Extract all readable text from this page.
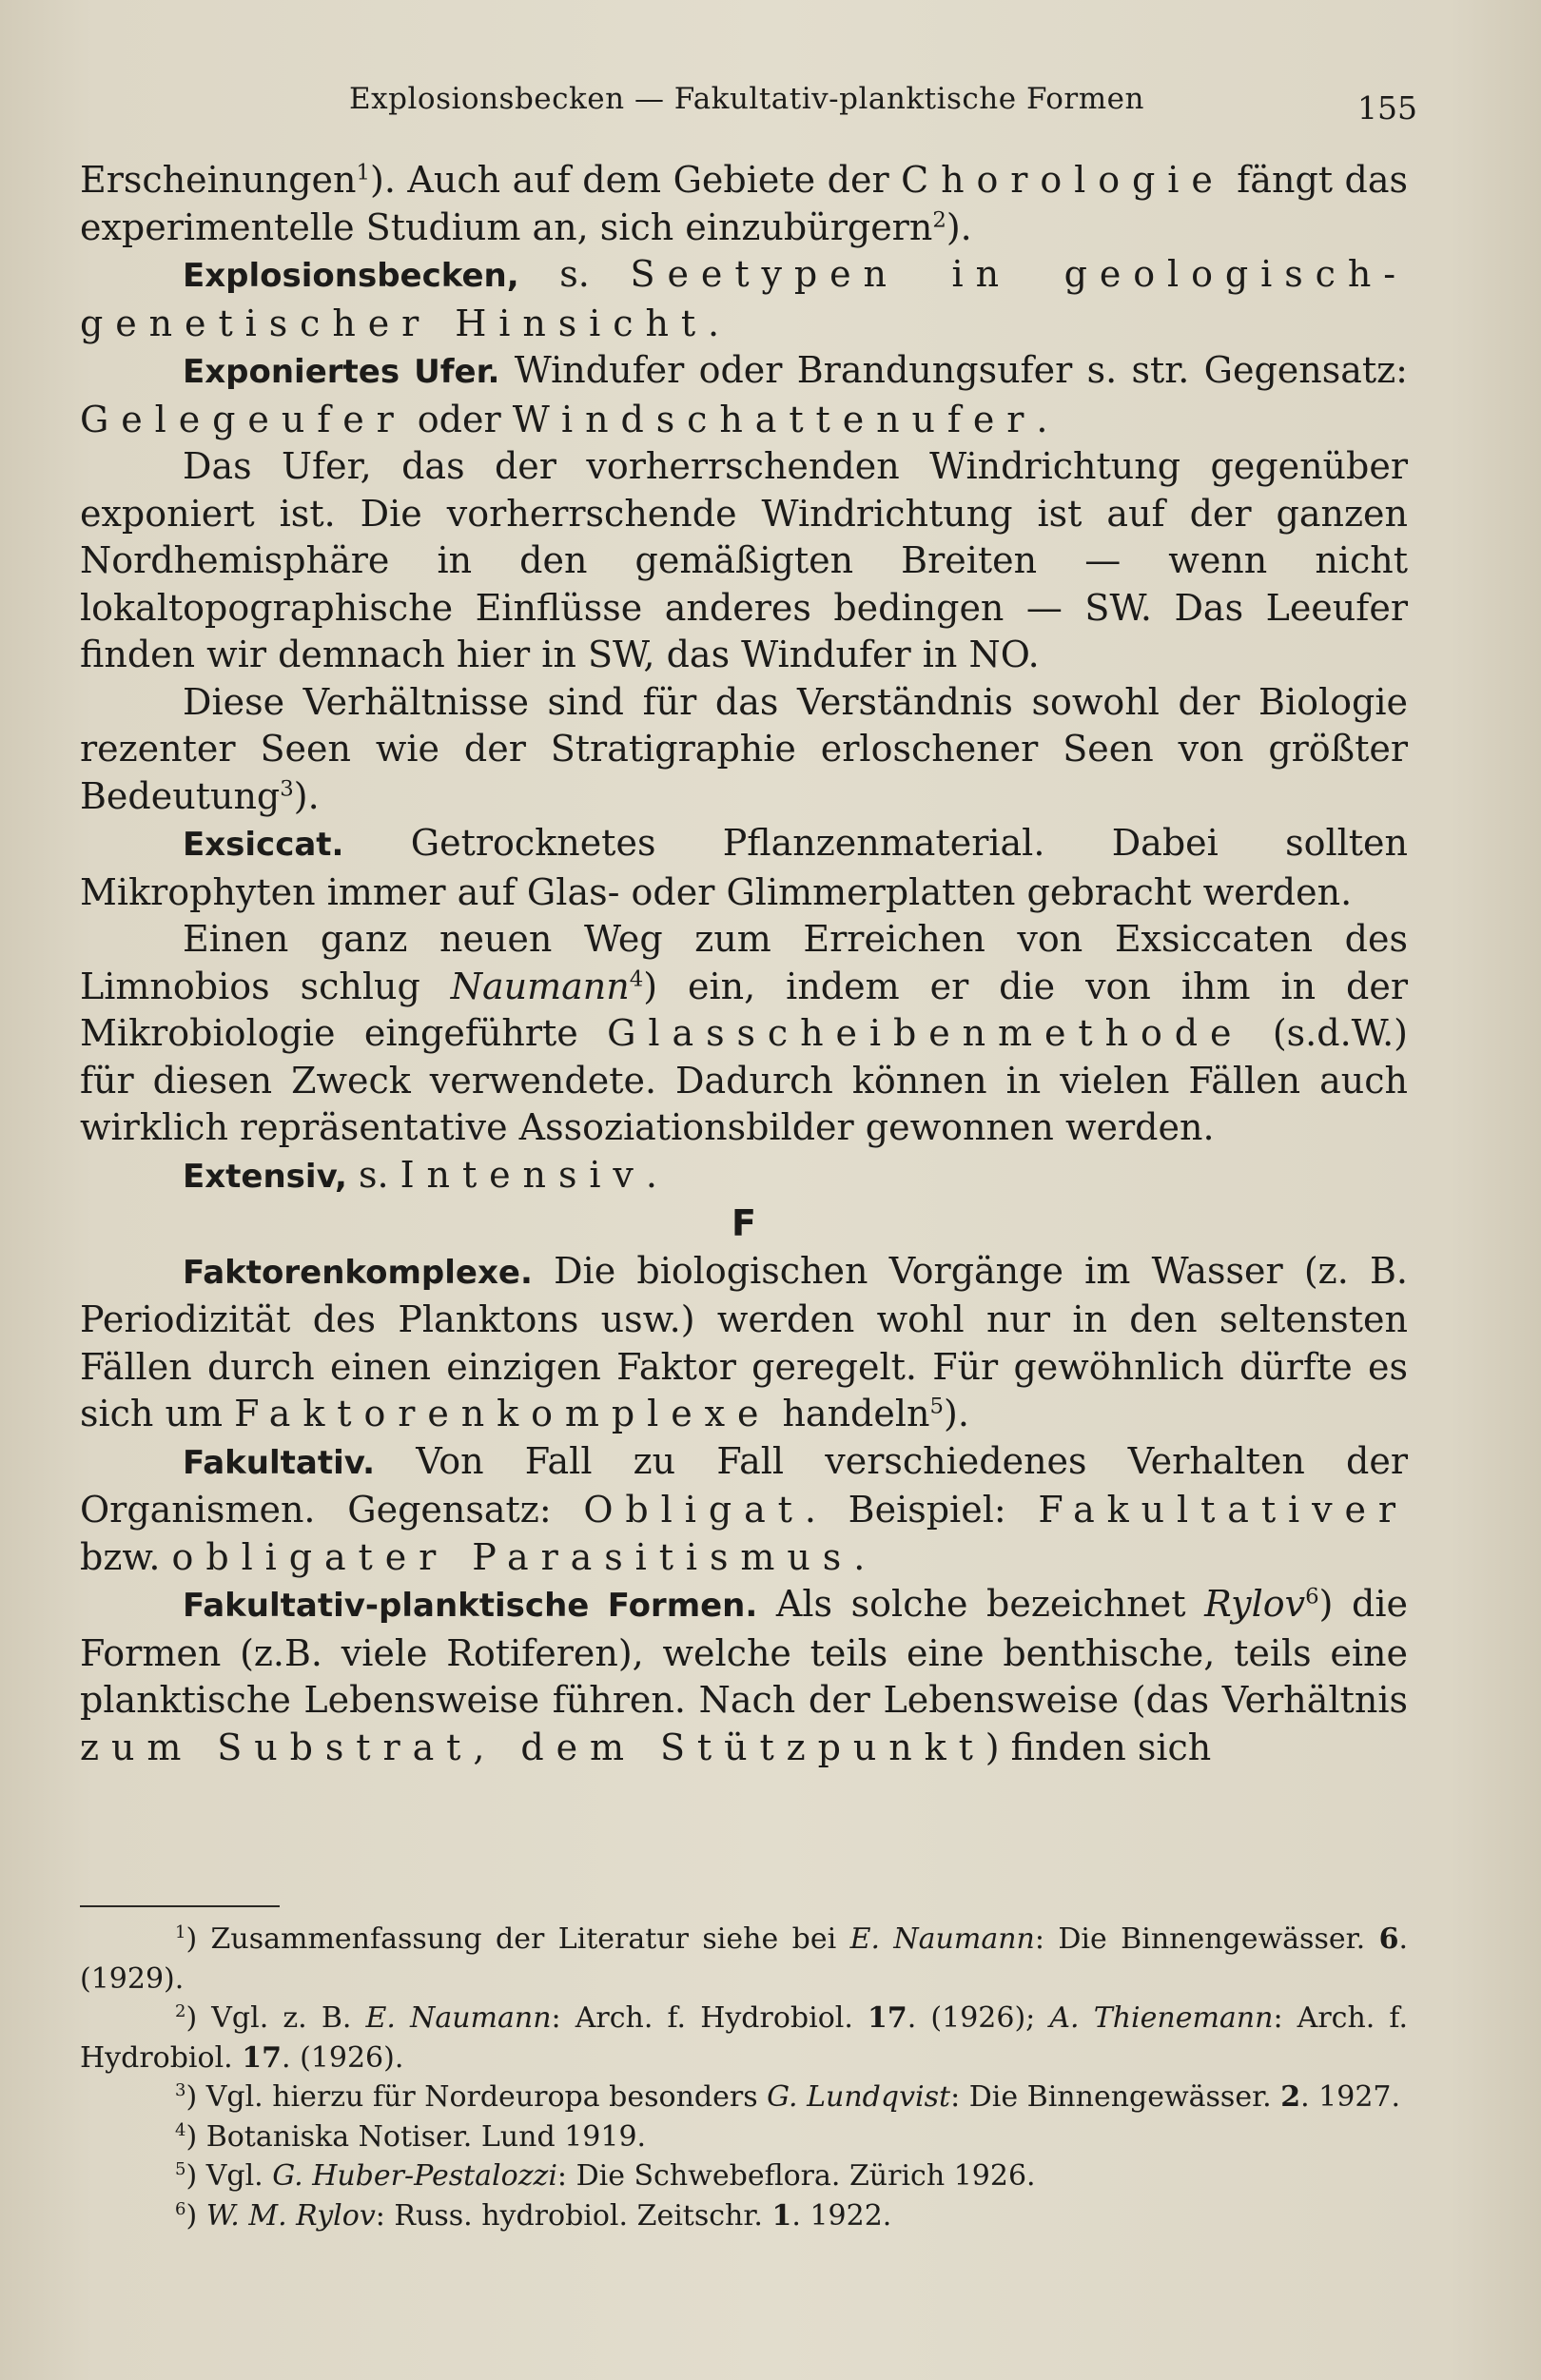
Explosionsbecken — Fakultativ-planktische Formen	155

Erscheinungen$^1$). Auch auf dem Gebiete der Chorologie fängt das experimentelle Studium an, sich einzubürgern$^2$).

Explosionsbecken, s. Seetypen in geologisch-genetischer Hinsicht.

Exponiertes Ufer. Windufer oder Brandungsufer s. str. Gegensatz: Gelegeufer oder Windschattenufer.

Das Ufer, das der vorherrschenden Windrichtung gegenüber exponiert ist. Die vorherrschende Windrichtung ist auf der ganzen Nordhemisphäre in den gemäßigten Breiten — wenn nicht lokaltopographische Einflüsse anderes bedingen — SW. Das Leeufer finden wir demnach hier in SW, das Windufer in NO.

Diese Verhältnisse sind für das Verständnis sowohl der Biologie rezenter Seen wie der Stratigraphie erloschener Seen von größter Bedeutung$^3$).

Exsiccat. Getrocknetes Pflanzenmaterial. Dabei sollten Mikrophyten immer auf Glas- oder Glimmerplatten gebracht werden.

Einen ganz neuen Weg zum Erreichen von Exsiccaten des Limnobios schlug Naumann$^4$) ein, indem er die von ihm in der Mikrobiologie eingeführte Glasscheibenmethode (s.d.W.) für diesen Zweck verwendete. Dadurch können in vielen Fällen auch wirklich repräsentative Assoziationsbilder gewonnen werden.

Extensiv, s. Intensiv.

F

Faktorenkomplexe. Die biologischen Vorgänge im Wasser (z. B. Periodizität des Planktons usw.) werden wohl nur in den seltensten Fällen durch einen einzigen Faktor geregelt. Für gewöhnlich dürfte es sich um Faktorenkomplexe handeln$^5$).

Fakultativ. Von Fall zu Fall verschiedenes Verhalten der Organismen. Gegensatz: Obligat. Beispiel: Fakultativer bzw. obligater Parasitismus.

Fakultativ-planktische Formen. Als solche bezeichnet Rylov$^6$) die Formen (z.B. viele Rotiferen), welche teils eine benthische, teils eine planktische Lebensweise führen. Nach der Lebensweise (das Verhältnis zum Substrat, dem Stützpunkt) finden sich

$^1$) Zusammenfassung der Literatur siehe bei E. Naumann: Die Binnengewässer. 6. (1929).

$^2$) Vgl. z. B. E. Naumann: Arch. f. Hydrobiol. 17. (1926); A. Thienemann: Arch. f. Hydrobiol. 17. (1926).

$^3$) Vgl. hierzu für Nordeuropa besonders G. Lundqvist: Die Binnengewässer. 2. 1927.

$^4$) Botaniska Notiser. Lund 1919.

$^5$) Vgl. G. Huber-Pestalozzi: Die Schwebeflora. Zürich 1926.

$^6$) W. M. Rylov: Russ. hydrobiol. Zeitschr. 1. 1922.
